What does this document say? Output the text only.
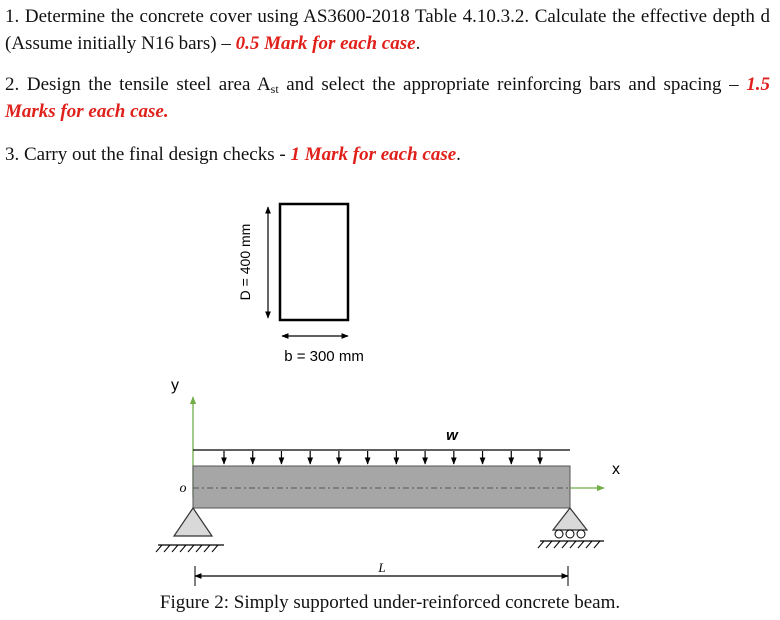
1. Determine the concrete cover using AS3600-2018 Table 4.10.3.2. Calculate the effective depth d (Assume initially N16 bars) – 0.5 Mark for each case.

2. Design the tensile steel area $A_{st}$ and select the appropriate reinforcing bars and spacing – 1.5 Marks for each case.

3. Carry out the final design checks - 1 Mark for each case.

D = 400 mm
b = 300 mm
y
x
o
w
L
Figure 2: Simply supported under-reinforced concrete beam.
